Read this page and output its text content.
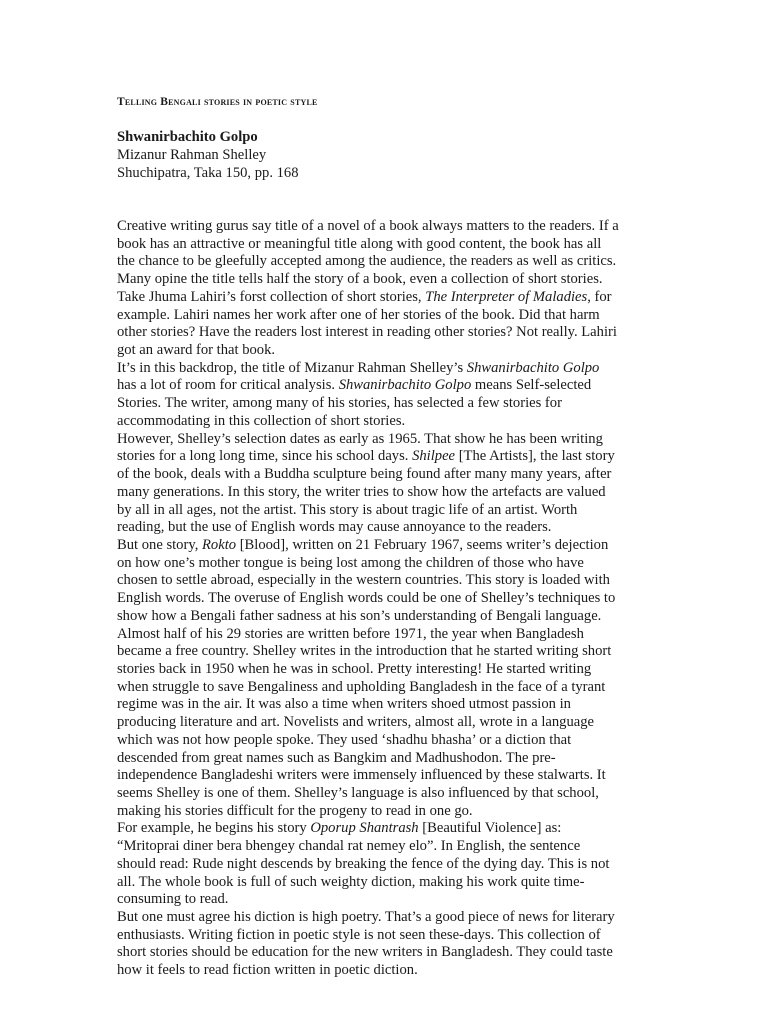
Telling Bengali stories in poetic style
Shwanirbachito Golpo
Mizanur Rahman Shelley
Shuchipatra, Taka 150, pp. 168
Creative writing gurus say title of a novel of a book always matters to the readers. If a
book has an attractive or meaningful title along with good content, the book has all
the chance to be gleefully accepted among the audience, the readers as well as critics.
Many opine the title tells half the story of a book, even a collection of short stories.
Take Jhuma Lahiri’s forst collection of short stories, The Interpreter of Maladies, for
example. Lahiri names her work after one of her stories of the book. Did that harm
other stories? Have the readers lost interest in reading other stories? Not really. Lahiri
got an award for that book.
It’s in this backdrop, the title of Mizanur Rahman Shelley’s Shwanirbachito Golpo
has a lot of room for critical analysis. Shwanirbachito Golpo means Self-selected
Stories. The writer, among many of his stories, has selected a few stories for
accommodating in this collection of short stories.
However, Shelley’s selection dates as early as 1965. That show he has been writing
stories for a long long time, since his school days. Shilpee [The Artists], the last story
of the book, deals with a Buddha sculpture being found after many many years, after
many generations. In this story, the writer tries to show how the artefacts are valued
by all in all ages, not the artist. This story is about tragic life of an artist. Worth
reading, but the use of English words may cause annoyance to the readers.
But one story, Rokto [Blood], written on 21 February 1967, seems writer’s dejection
on how one’s mother tongue is being lost among the children of those who have
chosen to settle abroad, especially in the western countries. This story is loaded with
English words. The overuse of English words could be one of Shelley’s techniques to
show how a Bengali father sadness at his son’s understanding of Bengali language.
Almost half of his 29 stories are written before 1971, the year when Bangladesh
became a free country. Shelley writes in the introduction that he started writing short
stories back in 1950 when he was in school. Pretty interesting! He started writing
when struggle to save Bengaliness and upholding Bangladesh in the face of a tyrant
regime was in the air. It was also a time when writers shoed utmost passion in
producing literature and art. Novelists and writers, almost all, wrote in a language
which was not how people spoke. They used ‘shadhu bhasha’ or a diction that
descended from great names such as Bangkim and Madhushodon. The pre-
independence Bangladeshi writers were immensely influenced by these stalwarts. It
seems Shelley is one of them. Shelley’s language is also influenced by that school,
making his stories difficult for the progeny to read in one go.
For example, he begins his story Oporup Shantrash [Beautiful Violence] as:
“Mritoprai diner bera bhengey chandal rat nemey elo”. In English, the sentence
should read: Rude night descends by breaking the fence of the dying day. This is not
all. The whole book is full of such weighty diction, making his work quite time-
consuming to read.
But one must agree his diction is high poetry. That’s a good piece of news for literary
enthusiasts. Writing fiction in poetic style is not seen these-days. This collection of
short stories should be education for the new writers in Bangladesh. They could taste
how it feels to read fiction written in poetic diction.
